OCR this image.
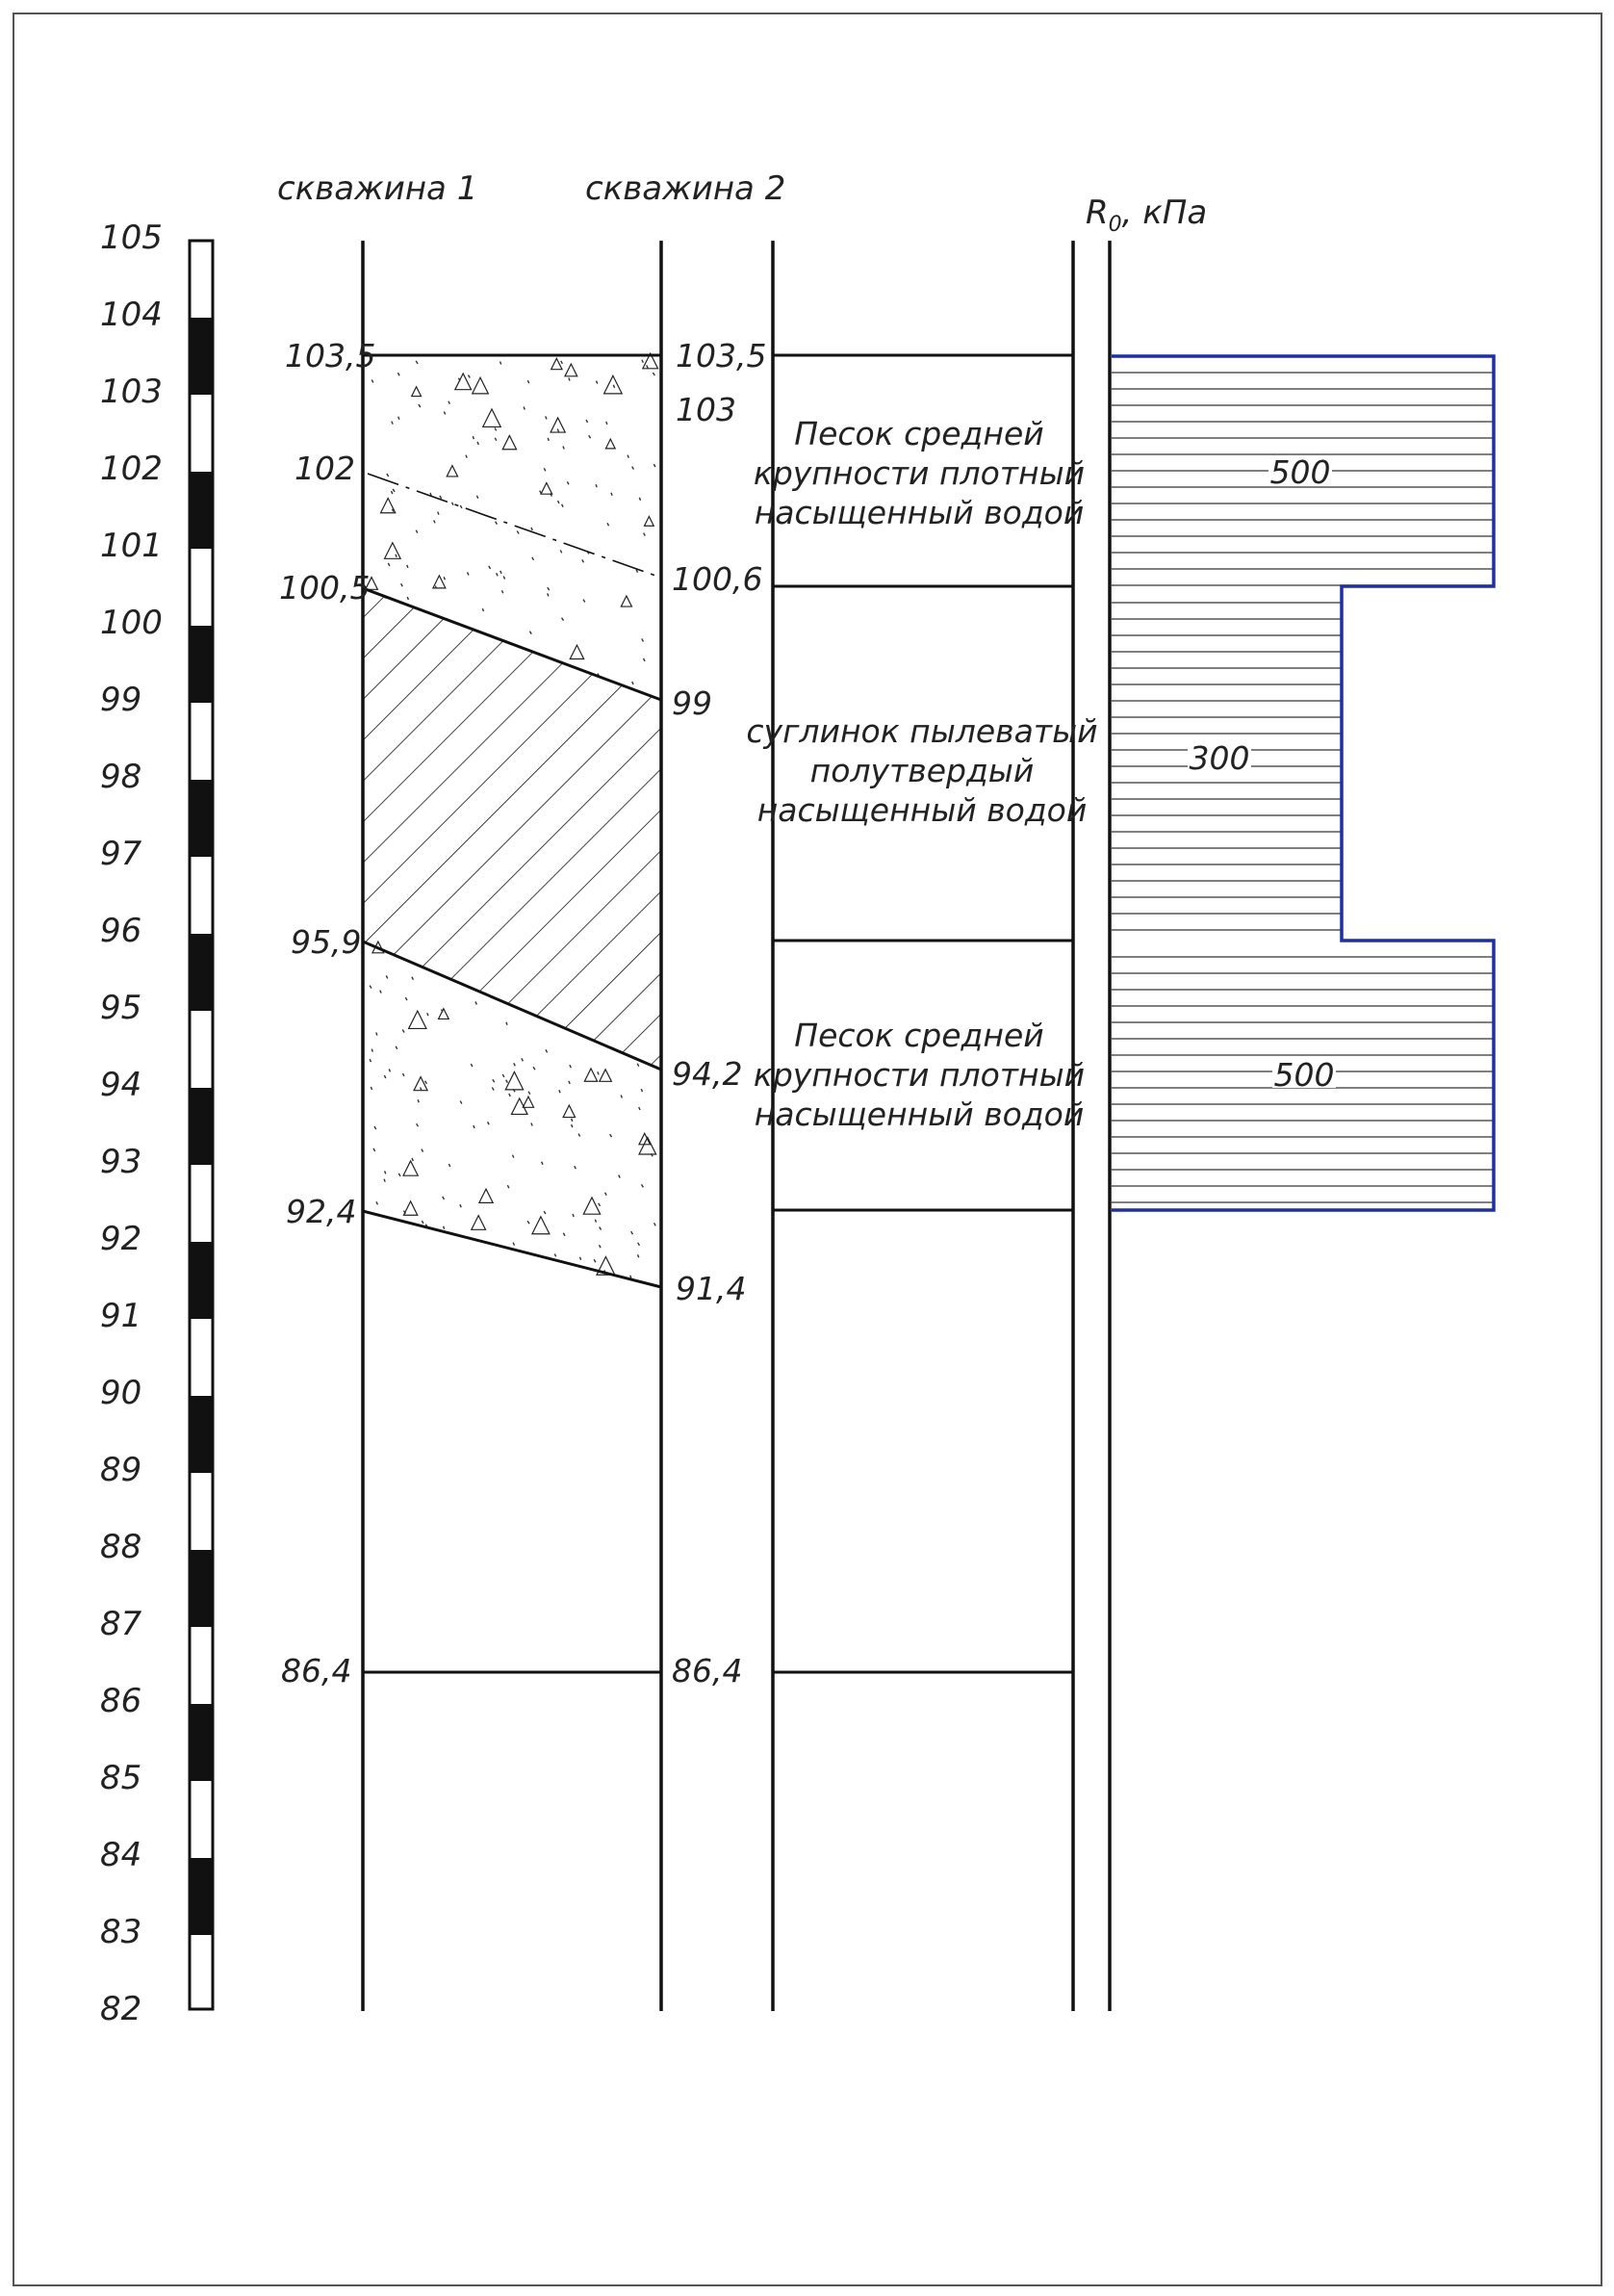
скважина 1	скважина 2
$R_0$, кПа
105
104
103
102
101
100
99
98
97
96
95
94
93
92
91
90
89
88
87
86
85
84
83
82
103,5
102
100,5
95,9
92,4
86,4
103,5
103
100,6
99
94,2
91,4
86,4
Песок средней
крупности плотный
насыщенный водой
суглинок пылеватый
полутвердый
насыщенный водой
Песок средней
крупности плотный
насыщенный водой
500
300
500
